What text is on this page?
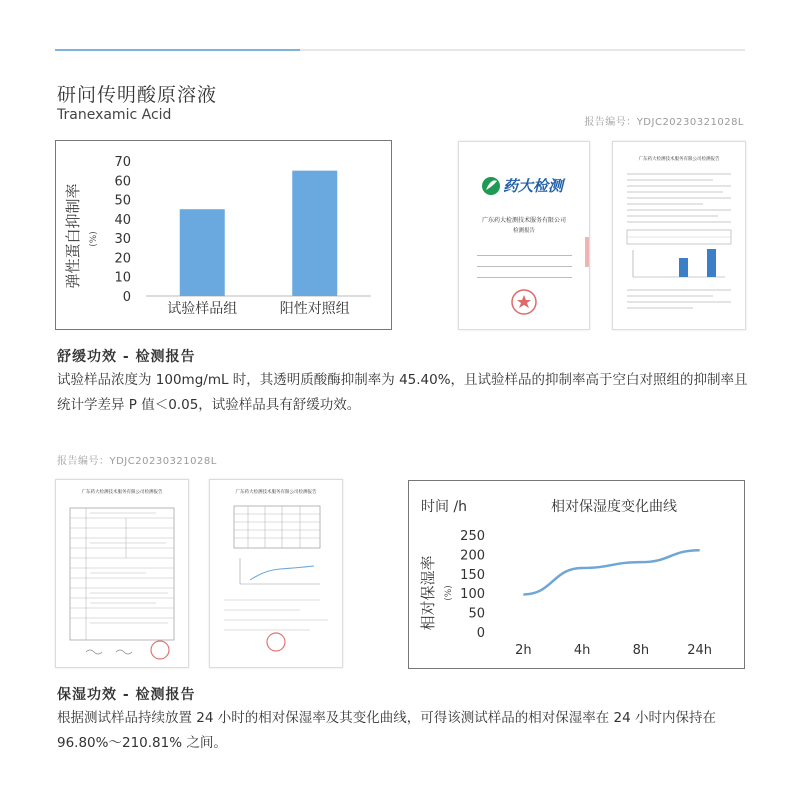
研问传明酸原溶液
Tranexamic Acid	报告编号：YDJC20230321028L
弹性蛋白抑制率 (%)
0
10
20
30
40
50
60
70
试验样品组	阳性对照组
药大检测
广东药大检测技术服务有限公司
检测报告
广东药大检测技术服务有限公司检测报告
舒缓功效 - 检测报告
试验样品浓度为 100mg/mL 时，其透明质酸酶抑制率为 45.40%，且试验样品的抑制率高于空白对照组的抑制率且统计学差异 P 值＜0.05，试验样品具有舒缓功效。
报告编号：YDJC20230321028L
广东药大检测技术服务有限公司检测报告	广东药大检测技术服务有限公司检测报告
时间 /h	相对保湿度变化曲线
相对保湿率 (%)
0
50
100
150
200
250
2h	4h	8h	24h
保湿功效 - 检测报告
根据测试样品持续放置 24 小时的相对保湿率及其变化曲线，可得该测试样品的相对保湿率在 24 小时内保持在 96.80%～210.81% 之间。
